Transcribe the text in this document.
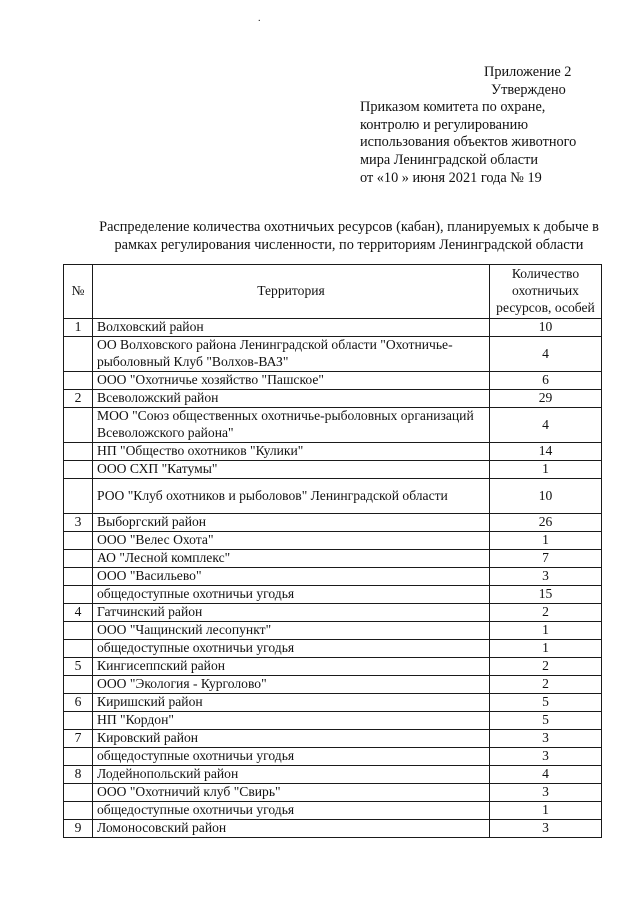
.
Приложение 2
Утверждено
Приказом комитета по охране,
контролю и регулированию
использования объектов животного
мира Ленинградской области
от «10 » июня 2021 года № 19
Распределение количества охотничьих ресурсов (кабан), планируемых к добыче в
рамках регулирования численности, по территориям Ленинградской области
№	Территория	Количество
охотничьих
ресурсов, особей

1	Волховский район	10
	ОО Волховского района Ленинградской области "Охотничье-рыболовный Клуб "Волхов-ВАЗ"	4
	ООО "Охотничье хозяйство "Пашское"	6
2	Всеволожский район	29
	МОО "Союз общественных охотничье-рыболовных организаций Всеволожского района"	4
	НП "Общество охотников "Кулики"	14
	ООО СХП "Катумы"	1
	РОО "Клуб охотников и рыболовов" Ленинградской области	10
3	Выборгский район	26
	ООО "Велес Охота"	1
	АО "Лесной комплекс"	7
	ООО "Васильево"	3
	общедоступные охотничьи угодья	15
4	Гатчинский район	2
	ООО "Чащинский лесопункт"	1
	общедоступные охотничьи угодья	1
5	Кингисеппский район	2
	ООО "Экология - Курголово"	2
6	Киришский район	5
	НП "Кордон"	5
7	Кировский район	3
	общедоступные охотничьи угодья	3
8	Лодейнопольский район	4
	ООО "Охотничий клуб "Свирь"	3
	общедоступные охотничьи угодья	1
9	Ломоносовский район	3
